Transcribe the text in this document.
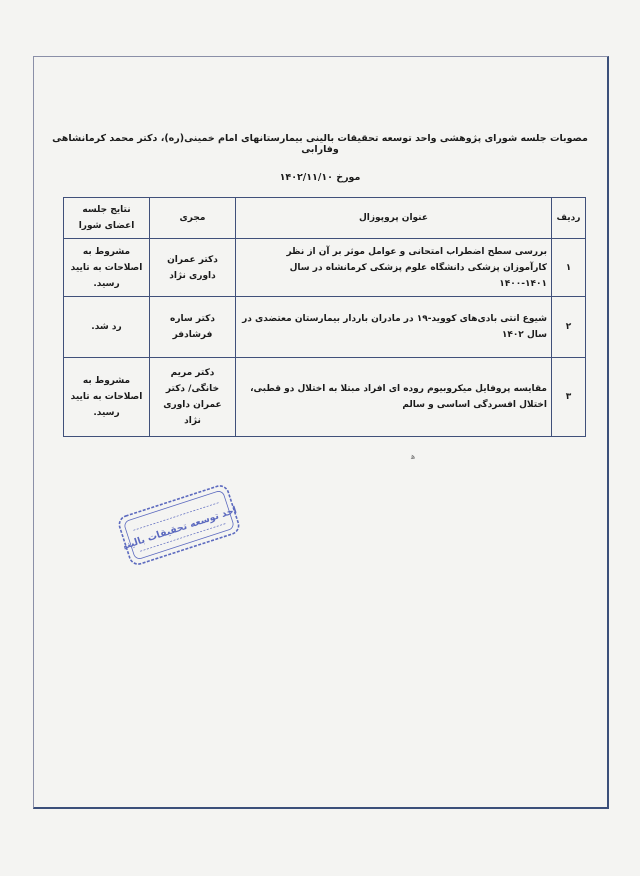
مصوبات جلسه شورای پژوهشی واحد توسعه تحقیقات بالینی بیمارستانهای امام خمینی(ره)، دکتر محمد کرمانشاهی وفارابی
مورخ ۱۴۰۲/۱۱/۱۰
ردیف	عنوان پروپوزال	مجری	نتایج جلسه اعضای شورا
۱	بررسی سطح اضطراب امتحانی و عوامل موثر بر آن از نظر کارآموزان پزشکی دانشگاه علوم پزشکی کرمانشاه در سال ۱۴۰۱-۱۴۰۰	دکتر عمران داوری نژاد	مشروط به اصلاحات به تایید رسید.
۲	شیوع انتی بادی‌های کووید-۱۹ در مادران باردار بیمارستان معتضدی در سال ۱۴۰۲	دکتر ساره فرشادفر	رد شد.
۳	مقایسه پروفایل میکروبیوم روده ای افراد مبتلا به اختلال دو قطبی، اختلال افسردگی اساسی و سالم	دکتر مریم خانگی/ دکتر عمران داوری نژاد	مشروط به اصلاحات به تایید رسید.
ﻫ
واحد توسعه تحقیقات بالینی
